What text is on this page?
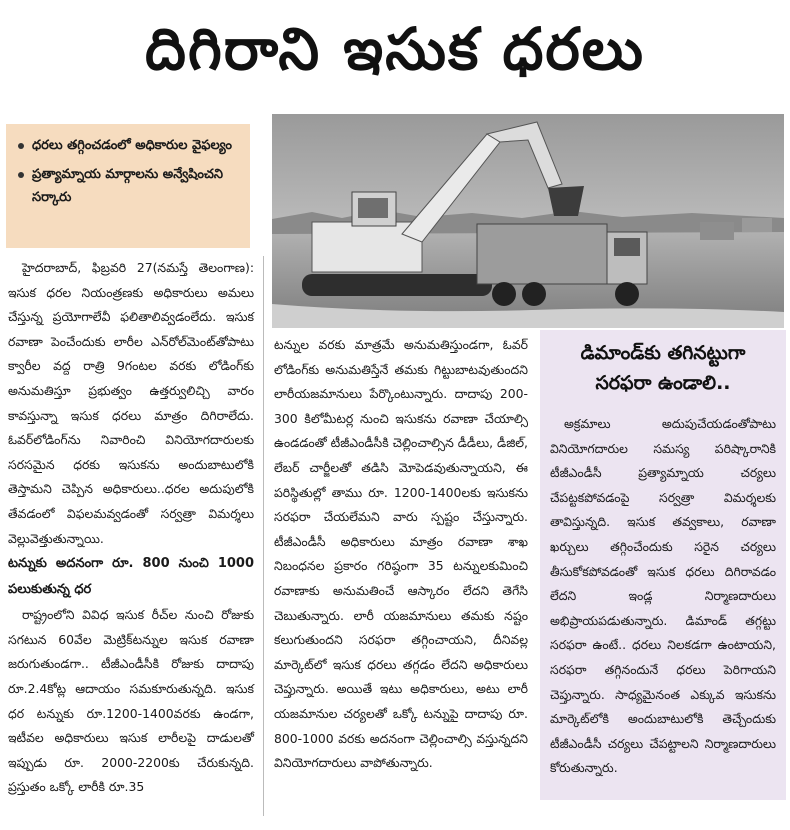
దిగిరాని ఇసుక ధరలు
ధరలు తగ్గించడంలో అధికారుల వైఫల్యం
ప్రత్యామ్నాయ మార్గాలను అన్వేషించని సర్కారు

హైదరాబాద్, ఫిబ్రవరి 27(నమస్తే తెలంగాణ): ఇసుక ధరల నియంత్రణకు అధికారులు అమలు చేస్తున్న ప్రయోగాలేవీ ఫలితాలివ్వడంలేదు. ఇసుక రవాణా పెంచేందుకు లారీల ఎన్‌రోల్‌మెంట్‌తోపాటు క్వారీల వద్ద రాత్రి 9గంటల వరకు లోడింగ్‌కు అనుమతిస్తూ ప్రభుత్వం ఉత్తర్వులిచ్చి వారం కావస్తున్నా ఇసుక ధరలు మాత్రం దిగిరాలేదు. ఓవర్‌లోడింగ్‌ను నివారించి వినియోగదారులకు సరసమైన ధరకు ఇసుకను అందుబాటులోకి తెస్తామని చెప్పిన అధికారులు..ధరల అదుపులోకి తేవడంలో విఫలమవ్వడంతో సర్వత్రా విమర్శలు వెల్లువెత్తుతున్నాయి.

టన్నుకు అదనంగా రూ. 800 నుంచి 1000 పలుకుతున్న ధర

రాష్ట్రంలోని వివిధ ఇసుక రీచ్‌ల నుంచి రోజుకు సగటున 60వేల మెట్రిక్‌టన్నుల ఇసుక రవాణా జరుగుతుండగా.. టీజీఎండీసీకి రోజుకు దాదాపు రూ.2.4కోట్ల ఆదాయం సమకూరుతున్నది. ఇసుక ధర టన్నుకు రూ.1200-1400వరకు ఉండగా, ఇటీవల అధికారులు ఇసుక లారీలపై దాడులతో ఇప్పుడు రూ. 2000-2200కు చేరుకున్నది. ప్రస్తుతం ఒక్కో లారీకి రూ.35

టన్నుల వరకు మాత్రమే అనుమతిస్తుండగా, ఓవర్ లోడింగ్‌కు అనుమతిస్తేనే తమకు గిట్టుబాటవుతుందని లారీయజమానులు పేర్కొంటున్నారు. దాదాపు 200-300 కిలోమీటర్ల నుంచి ఇసుకను రవాణా చేయాల్సి ఉండడంతో టీజీఎండీసీకి చెల్లించాల్సిన డీడీలు, డీజిల్, లేబర్ చార్జీలతో తడిసి మోపెడవుతున్నాయని, ఈ పరిస్థితుల్లో తాము రూ. 1200-1400లకు ఇసుకను సరఫరా చేయలేమని వారు స్పష్టం చేస్తున్నారు. టీజీఎండీసీ అధికారులు మాత్రం రవాణా శాఖ నిబంధనల ప్రకారం గరిష్ఠంగా 35 టన్నులకుమించి రవాణాకు అనుమతించే ఆస్కారం లేదని తెగేసి చెబుతున్నారు. లారీ యజమానులు తమకు నష్టం కలుగుతుందని సరఫరా తగ్గించాయని, దీనివల్ల మార్కెట్‌లో ఇసుక ధరలు తగ్గడం లేదని అధికారులు చెప్తున్నారు. అయితే ఇటు అధికారులు, అటు లారీ యజమానుల చర్యలతో ఒక్కో టన్నుపై దాదాపు రూ. 800-1000 వరకు అదనంగా చెల్లించాల్సి వస్తున్నదని వినియోగదారులు వాపోతున్నారు.

డిమాండ్‌కు తగినట్టుగా సరఫరా ఉండాలి..

అక్రమాలు అదుపుచేయడంతోపాటు వినియోగదారుల సమస్య పరిష్కారానికి టీజీఎండీసీ ప్రత్యామ్నాయ చర్యలు చేపట్టకపోవడంపై సర్వత్రా విమర్శలకు తావిస్తున్నది. ఇసుక తవ్వకాలు, రవాణా ఖర్చులు తగ్గించేందుకు సరైన చర్యలు తీసుకోకపోవడంతో ఇసుక ధరలు దిగిరావడం లేదని ఇండ్ల నిర్మాణదారులు అభిప్రాయపడుతున్నారు. డిమాండ్ తగ్గట్టు సరఫరా ఉంటే.. ధరలు నిలకడగా ఉంటాయని, సరఫరా తగ్గినందునే ధరలు పెరిగాయని చెప్తున్నారు. సాధ్యమైనంత ఎక్కువ ఇసుకను మార్కెట్‌లోకి అందుబాటులోకి తెచ్చేందుకు టీజీఎండీసీ చర్యలు చేపట్టాలని నిర్మాణదారులు కోరుతున్నారు.
